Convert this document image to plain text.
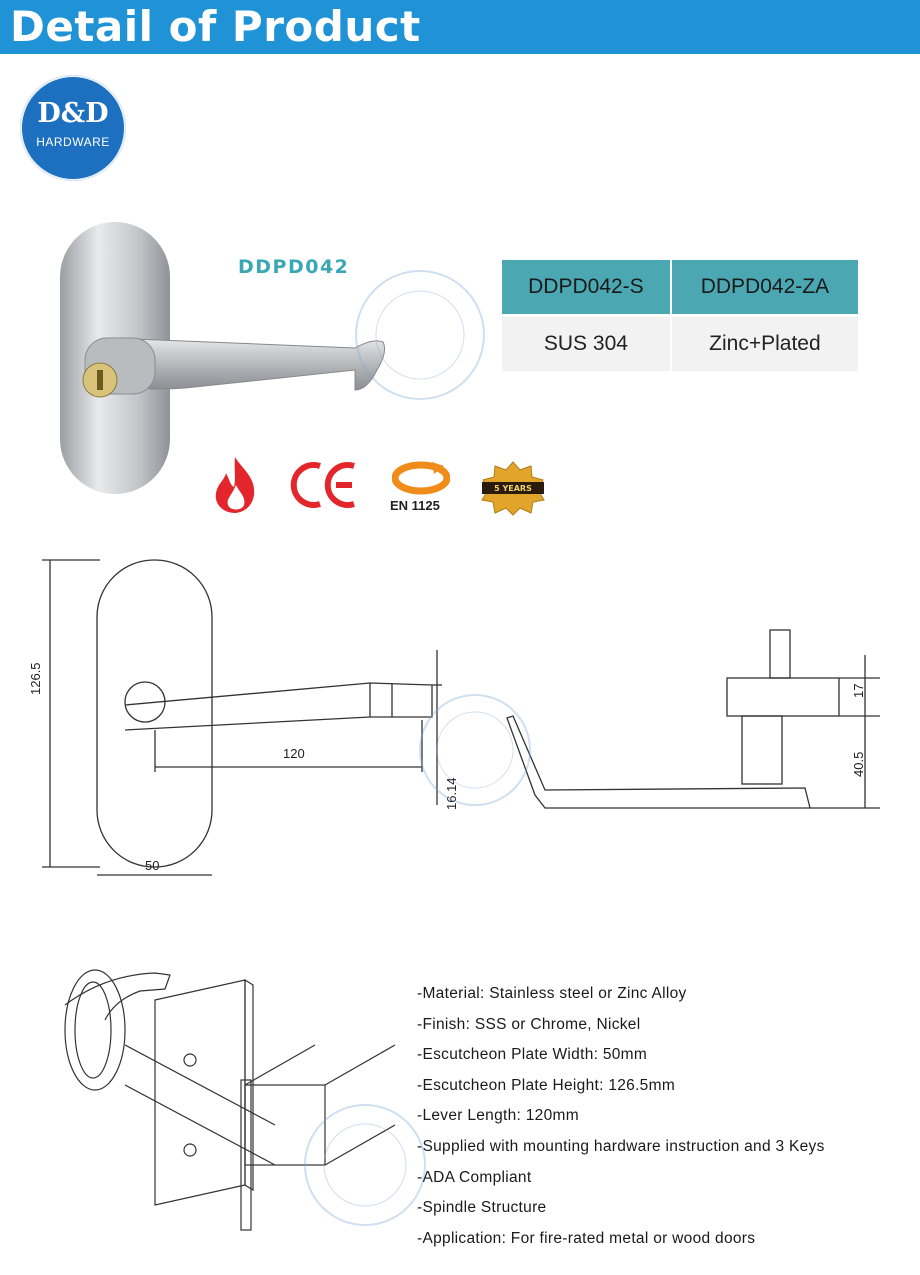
Detail of Product
D&D
HARDWARE
DDPD042
DDPD042-S	DDPD042-ZA
SUS 304	Zinc+Plated
EN 1125
5 YEARS
126.5
120
50
16.14
17
40.5
-Material: Stainless steel or Zinc Alloy
-Finish: SSS or Chrome, Nickel
-Escutcheon Plate Width: 50mm
-Escutcheon Plate Height: 126.5mm
-Lever Length: 120mm
-Supplied with mounting hardware instruction and 3 Keys
-ADA Compliant
-Spindle Structure
-Application: For fire-rated metal or wood doors
